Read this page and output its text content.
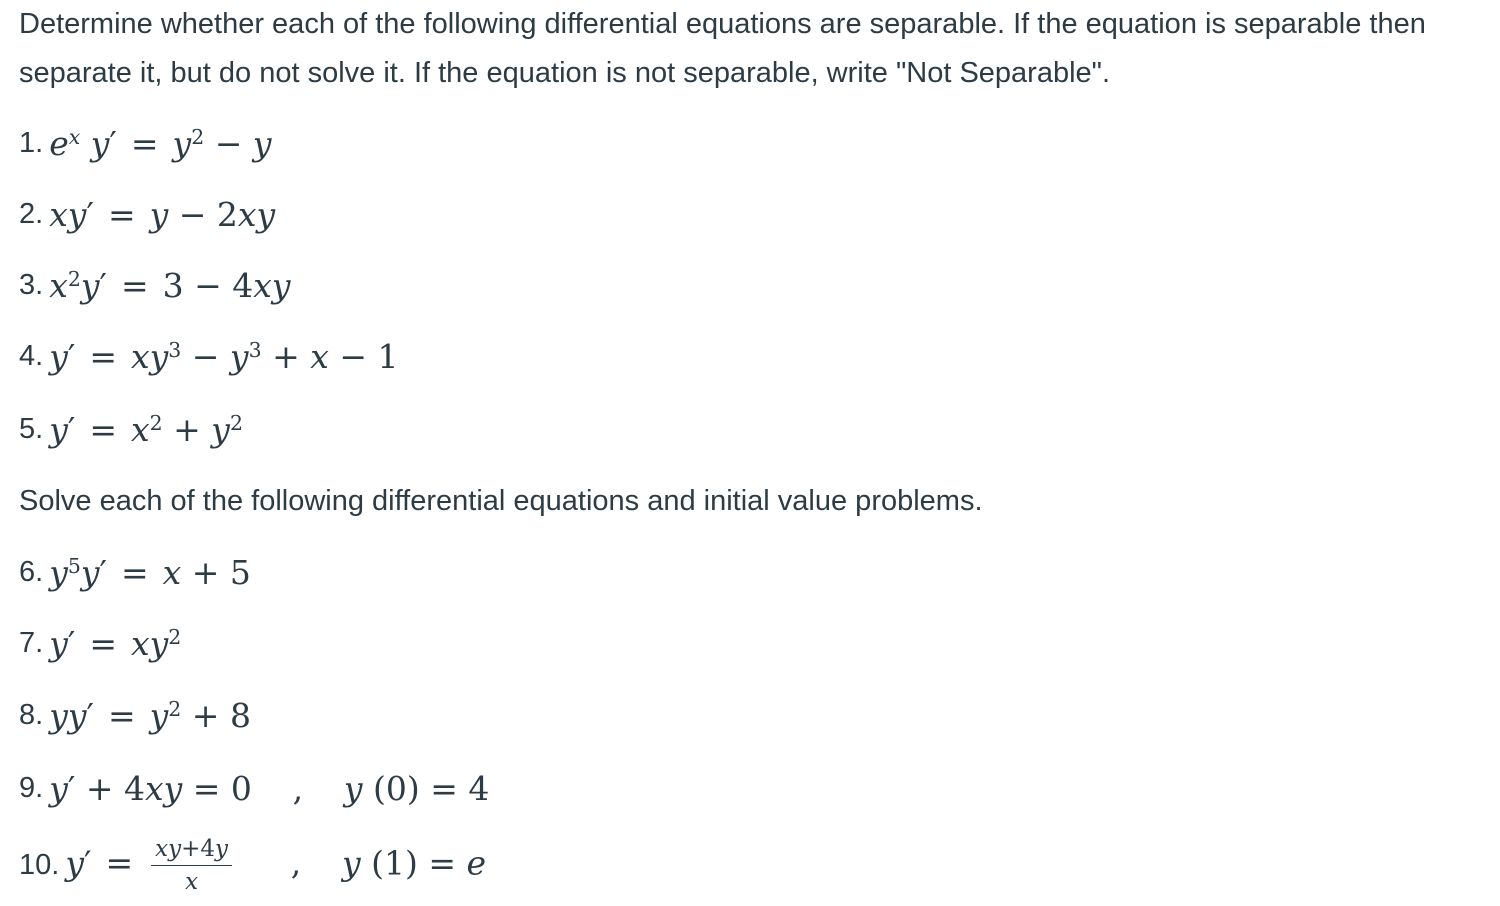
Determine whether each of the following differential equations are separable. If the equation is separable then separate it, but do not solve it. If the equation is not separable, write "Not Separable".

1. $e^x$ $y' = y^2 - y$
2. xy′ = y − 2xy
3. $x^2y' = 3 - 4xy$
4. $y' = xy^3 - y^3 + x - 1$
5. $y' = x^2 + y^2$

Solve each of the following differential equations and initial value problems.

6. $y^5y' = x + 5$
7. $y' = xy^2$
8. $yy' = y^2 + 8$
9. y′ + 4xy = 0 , y (0) = 4
10. $y' = \frac{xy+4y}{x}$ , y (1) = e
